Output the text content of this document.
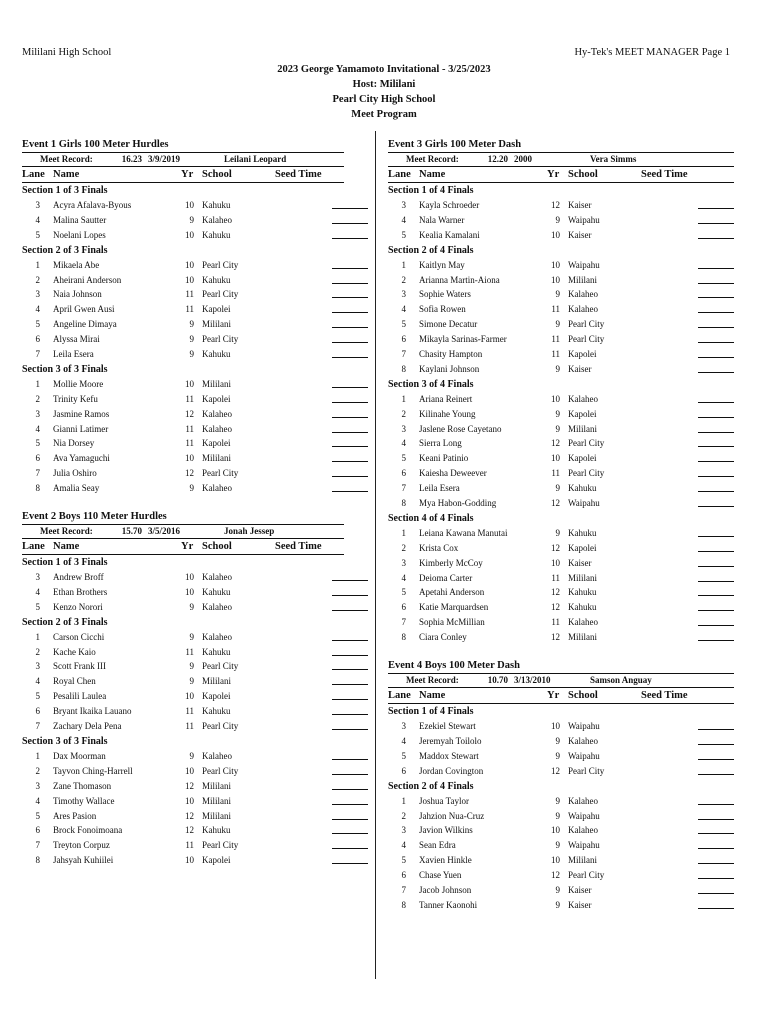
Mililani High School	Hy-Tek's MEET MANAGER Page 1
2023 George Yamamoto Invitational - 3/25/2023
Host: Mililani
Pearl City High School
Meet Program
Event 1 Girls 100 Meter Hurdles
Meet Record:	16.23 3/9/2019	Leilani Leopard
Lane Name	Yr School	Seed Time
Section 1 of 3 Finals
3 Acyra Afalava-Byous	10 Kahuku
4 Malina Sautter	9 Kalaheo
5 Noelani Lopes	10 Kahuku
Section 2 of 3 Finals
1 Mikaela Abe	10 Pearl City
2 Aheirani Anderson	10 Kahuku
3 Naia Johnson	11 Pearl City
4 April Gwen Ausi	11 Kapolei
5 Angeline Dimaya	9 Mililani
6 Alyssa Mirai	9 Pearl City
7 Leila Esera	9 Kahuku
Section 3 of 3 Finals
1 Mollie Moore	10 Mililani
2 Trinity Kefu	11 Kapolei
3 Jasmine Ramos	12 Kalaheo
4 Gianni Latimer	11 Kalaheo
5 Nia Dorsey	11 Kapolei
6 Ava Yamaguchi	10 Mililani
7 Julia Oshiro	12 Pearl City
8 Amalia Seay	9 Kalaheo
Event 2 Boys 110 Meter Hurdles
Meet Record:	15.70 3/5/2016	Jonah Jessep
Lane Name	Yr School	Seed Time
Section 1 of 3 Finals
3 Andrew Broff	10 Kalaheo
4 Ethan Brothers	10 Kahuku
5 Kenzo Norori	9 Kalaheo
Section 2 of 3 Finals
1 Carson Cicchi	9 Kalaheo
2 Kache Kaio	11 Kahuku
3 Scott Frank III	9 Pearl City
4 Royal Chen	9 Mililani
5 Pesalili Laulea	10 Kapolei
6 Bryant Ikaika Lauano	11 Kahuku
7 Zachary Dela Pena	11 Pearl City
Section 3 of 3 Finals
1 Dax Moorman	9 Kalaheo
2 Tayvon Ching-Harrell	10 Pearl City
3 Zane Thomason	12 Mililani
4 Timothy Wallace	10 Mililani
5 Ares Pasion	12 Mililani
6 Brock Fonoimoana	12 Kahuku
7 Treyton Corpuz	11 Pearl City
8 Jahsyah Kuhiilei	10 Kapolei
Event 3 Girls 100 Meter Dash
Meet Record:	12.20 2000	Vera Simms
Lane Name	Yr School	Seed Time
Section 1 of 4 Finals
3 Kayla Schroeder	12 Kaiser
4 Nala Warner	9 Waipahu
5 Kealia Kamalani	10 Kaiser
Section 2 of 4 Finals
1 Kaitlyn May	10 Waipahu
2 Arianna Martin-Aiona	10 Mililani
3 Sophie Waters	9 Kalaheo
4 Sofia Rowen	11 Kalaheo
5 Simone Decatur	9 Pearl City
6 Mikayla Sarinas-Farmer	11 Pearl City
7 Chasity Hampton	11 Kapolei
8 Kaylani Johnson	9 Kaiser
Section 3 of 4 Finals
1 Ariana Reinert	10 Kalaheo
2 Kilinahe Young	9 Kapolei
3 Jaslene Rose Cayetano	9 Mililani
4 Sierra Long	12 Pearl City
5 Keani Patinio	10 Kapolei
6 Kaiesha Deweever	11 Pearl City
7 Leila Esera	9 Kahuku
8 Mya Habon-Godding	12 Waipahu
Section 4 of 4 Finals
1 Leiana Kawana Manutai	9 Kahuku
2 Krista Cox	12 Kapolei
3 Kimberly McCoy	10 Kaiser
4 Deioma Carter	11 Mililani
5 Apetahi Anderson	12 Kahuku
6 Katie Marquardsen	12 Kahuku
7 Sophia McMillian	11 Kalaheo
8 Ciara Conley	12 Mililani
Event 4 Boys 100 Meter Dash
Meet Record:	10.70 3/13/2010	Samson Anguay
Lane Name	Yr School	Seed Time
Section 1 of 4 Finals
3 Ezekiel Stewart	10 Waipahu
4 Jeremyah Toilolo	9 Kalaheo
5 Maddox Stewart	9 Waipahu
6 Jordan Covington	12 Pearl City
Section 2 of 4 Finals
1 Joshua Taylor	9 Kalaheo
2 Jahzion Nua-Cruz	9 Waipahu
3 Javion Wilkins	10 Kalaheo
4 Sean Edra	9 Waipahu
5 Xavien Hinkle	10 Mililani
6 Chase Yuen	12 Pearl City
7 Jacob Johnson	9 Kaiser
8 Tanner Kaonohi	9 Kaiser
